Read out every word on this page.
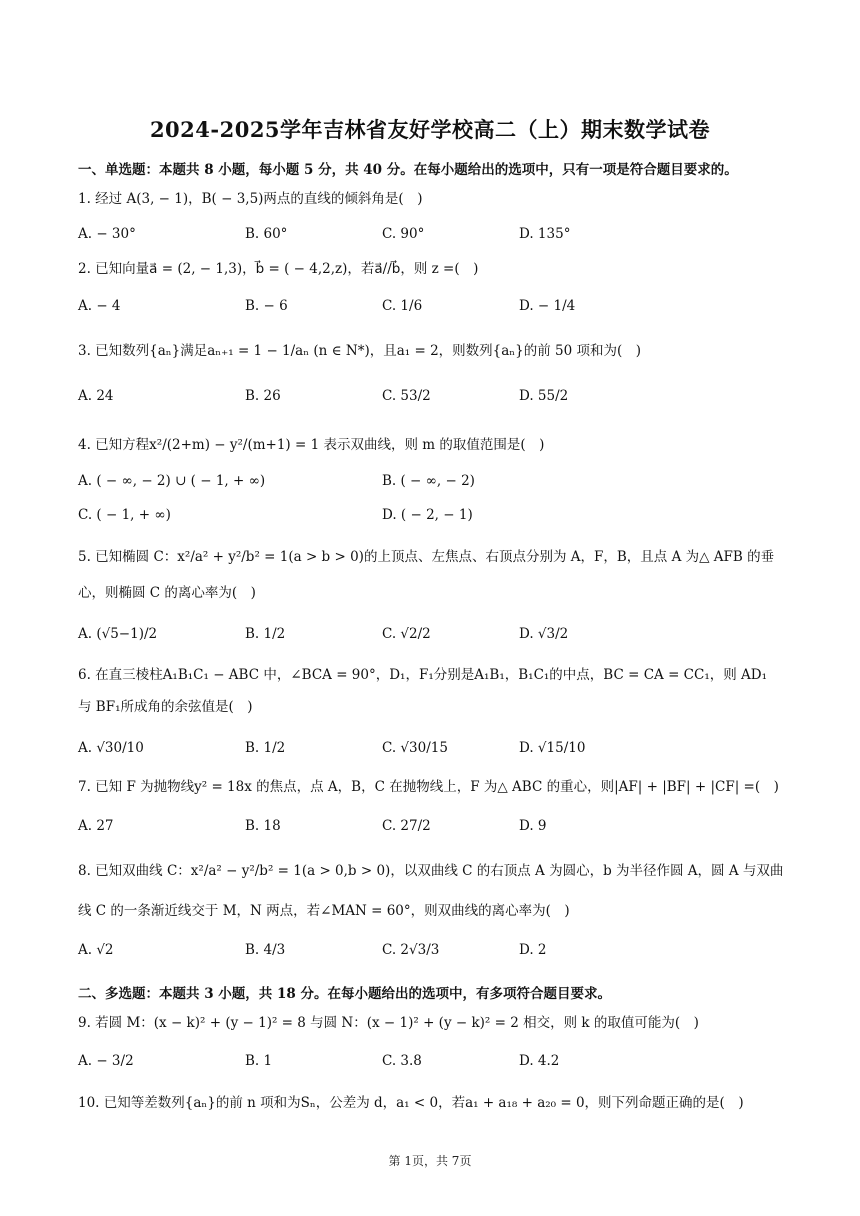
2024-2025学年吉林省友好学校高二（上）期末数学试卷
一、单选题：本题共 8 小题，每小题 5 分，共 40 分。在每小题给出的选项中，只有一项是符合题目要求的。
1. 经过 A(3, − 1)，B( − 3,5)两点的直线的倾斜角是(　)
A. − 30°	B. 60°	C. 90°	D. 135°
2. 已知向量a⃗ = (2, − 1,3)，b⃗ = ( − 4,2,z)，若a⃗//b⃗，则 z =(　)
A. − 4	B. − 6	C. 1/6	D. − 1/4
3. 已知数列{aₙ}满足aₙ₊₁ = 1 − 1/aₙ (n ∈ N*)，且a₁ = 2，则数列{aₙ}的前 50 项和为(　)
A. 24	B. 26	C. 53/2	D. 55/2
4. 已知方程x²/(2+m) − y²/(m+1) = 1 表示双曲线，则 m 的取值范围是(　)
A. ( − ∞, − 2) ∪ ( − 1, + ∞)	B. ( − ∞, − 2)
C. ( − 1, + ∞)	D. ( − 2, − 1)
5. 已知椭圆 C：x²/a² + y²/b² = 1(a > b > 0)的上顶点、左焦点、右顶点分别为 A，F，B，且点 A 为△ AFB 的垂
心，则椭圆 C 的离心率为(　)
A. (√5−1)/2	B. 1/2	C. √2/2	D. √3/2
6. 在直三棱柱A₁B₁C₁ − ABC 中，∠BCA = 90°，D₁，F₁分别是A₁B₁，B₁C₁的中点，BC = CA = CC₁，则 AD₁
与 BF₁所成角的余弦值是(　)
A. √30/10	B. 1/2	C. √30/15	D. √15/10
7. 已知 F 为抛物线y² = 18x 的焦点，点 A，B，C 在抛物线上，F 为△ ABC 的重心，则|AF| + |BF| + |CF| =(　)
A. 27	B. 18	C. 27/2	D. 9
8. 已知双曲线 C：x²/a² − y²/b² = 1(a > 0,b > 0)，以双曲线 C 的右顶点 A 为圆心，b 为半径作圆 A，圆 A 与双曲
线 C 的一条渐近线交于 M，N 两点，若∠MAN = 60°，则双曲线的离心率为(　)
A. √2	B. 4/3	C. 2√3/3	D. 2
二、多选题：本题共 3 小题，共 18 分。在每小题给出的选项中，有多项符合题目要求。
9. 若圆 M：(x − k)² + (y − 1)² = 8 与圆 N：(x − 1)² + (y − k)² = 2 相交，则 k 的取值可能为(　)
A. − 3/2	B. 1	C. 3.8	D. 4.2
10. 已知等差数列{aₙ}的前 n 项和为Sₙ，公差为 d，a₁ < 0，若a₁ + a₁₈ + a₂₀ = 0，则下列命题正确的是(　)
第 1页，共 7页
